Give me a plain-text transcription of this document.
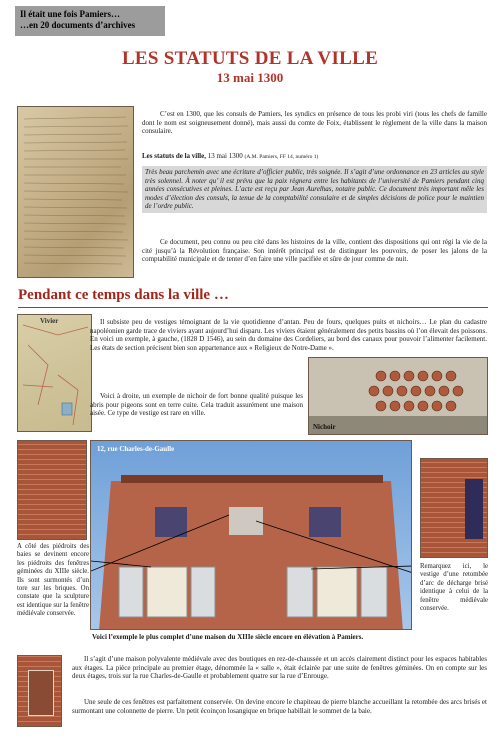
Il était une fois Pamiers…
…en 20 documents d’archives
LES STATUTS DE LA VILLE
13 mai 1300
C’est en 1300, que les consuls de Pamiers, les syndics en présence de tous les probi viri (tous les chefs de famille dont le nom est soigneusement donné), mais aussi du comte de Foix, établissent le règlement de la ville dans la maison consulaire.
Les statuts de la ville, 13 mai 1300 (A.M. Pamiers, FF 14, numéro 1)
Très beau parchemin avec une écriture d’officier public, très soignée. Il s’agit d’une ordonnance en 23 articles au style très solennel. À noter qu’ il est prévu que la paix règnera entre les habitants de l’université de Pamiers pendant cinq années consécutives et pleines. L’acte est reçu par Jean Aurelhas, notaire public. Ce document très important mêle les modes d’élection des consuls, la tenue de la comptabilité consulaire et de simples décisions de police pour le maintien de l’ordre public.
Ce document, peu connu ou peu cité dans les histoires de la ville, contient des dispositions qui ont régi la vie de la cité jusqu’à la Révolution française. Son intérêt principal est de distinguer les pouvoirs, de poser les jalons de la comptabilité municipale et de tenter d’en faire une ville pacifiée et sûre de jour comme de nuit.
Pendant ce temps dans la ville …
Vivier	Il subsiste peu de vestiges témoignant de la vie quotidienne d’antan. Peu de fours, quelques puits et nichoirs… Le plan du cadastre napoléonien garde trace de viviers ayant aujourd’hui disparu. Les viviers étaient généralement des petits bassins où l’on élevait des poissons. En voici un exemple, à gauche, (1828 D 1546), au sein du domaine des Cordeliers, au bord des canaux pour pouvoir l’alimenter facilement. Les états de section précisent bien son appartenance aux « Religieux de Notre-Dame ».
Nichoir
Voici à droite, un exemple de nichoir de fort bonne qualité puisque les abris pour pigeons sont en terre cuite. Cela traduit assurément une maison aisée. Ce type de vestige est rare en ville.
12, rue Charles-de-Gaulle
A côté des piédroits des baies se devinent encore les piédroits des fenêtres géminées du XIIIe siècle. Ils sont surmontés d’un tore sur les briques. On constate que la sculpture est identique sur la fenêtre médiévale conservée.
Remarquez ici, le vestige d’une retombée d’arc de décharge brisé identique à celui de la fenêtre médiévale conservée.
Voici l’exemple le plus complet d’une maison du XIIIe siècle encore en élévation à Pamiers.
Il s’agit d’une maison polyvalente médiévale avec des boutiques en rez-de-chaussée et un accès clairement distinct pour les espaces habitables aux étages. La pièce principale au premier étage, dénommée la « salle », était éclairée par une suite de fenêtres géminées. On en compte sur les deux étages, trois sur la rue Charles-de-Gaulle et probablement quatre sur la rue d’Enrouge.
Une seule de ces fenêtres est parfaitement conservée. On devine encore le chapiteau de pierre blanche accueillant la retombée des arcs brisés et surmontant une colonnette de pierre. Un petit écoinçon losangique en brique habillait le sommet de la baie.
